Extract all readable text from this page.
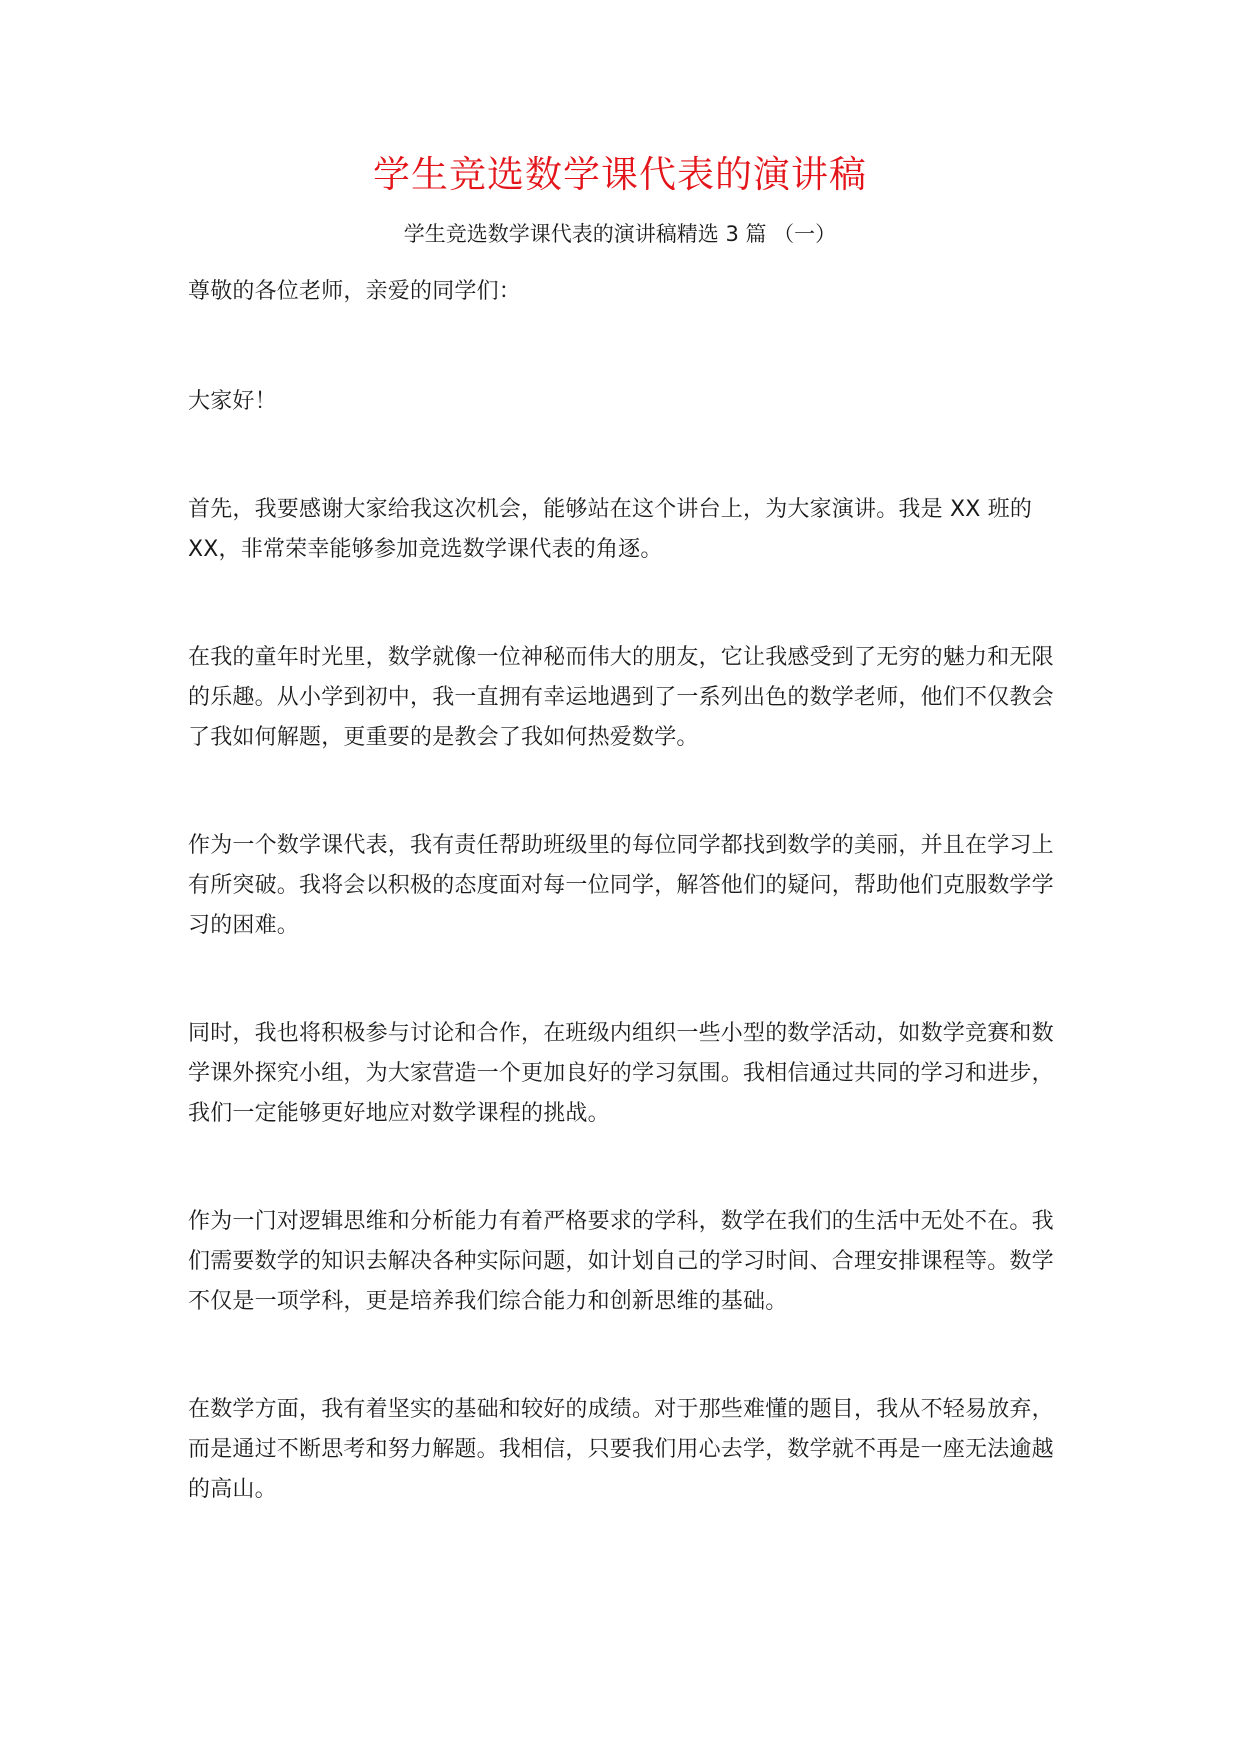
学生竞选数学课代表的演讲稿

学生竞选数学课代表的演讲稿精选 3 篇 （一）

尊敬的各位老师，亲爱的同学们：

大家好！

首先，我要感谢大家给我这次机会，能够站在这个讲台上，为大家演讲。我是 XX 班的 XX，非常荣幸能够参加竞选数学课代表的角逐。

在我的童年时光里，数学就像一位神秘而伟大的朋友，它让我感受到了无穷的魅力和无限的乐趣。从小学到初中，我一直拥有幸运地遇到了一系列出色的数学老师，他们不仅教会了我如何解题，更重要的是教会了我如何热爱数学。

作为一个数学课代表，我有责任帮助班级里的每位同学都找到数学的美丽，并且在学习上有所突破。我将会以积极的态度面对每一位同学，解答他们的疑问，帮助他们克服数学学习的困难。

同时，我也将积极参与讨论和合作，在班级内组织一些小型的数学活动，如数学竞赛和数学课外探究小组，为大家营造一个更加良好的学习氛围。我相信通过共同的学习和进步，我们一定能够更好地应对数学课程的挑战。

作为一门对逻辑思维和分析能力有着严格要求的学科，数学在我们的生活中无处不在。我们需要数学的知识去解决各种实际问题，如计划自己的学习时间、合理安排课程等。数学不仅是一项学科，更是培养我们综合能力和创新思维的基础。

在数学方面，我有着坚实的基础和较好的成绩。对于那些难懂的题目，我从不轻易放弃，而是通过不断思考和努力解题。我相信，只要我们用心去学，数学就不再是一座无法逾越的高山。
